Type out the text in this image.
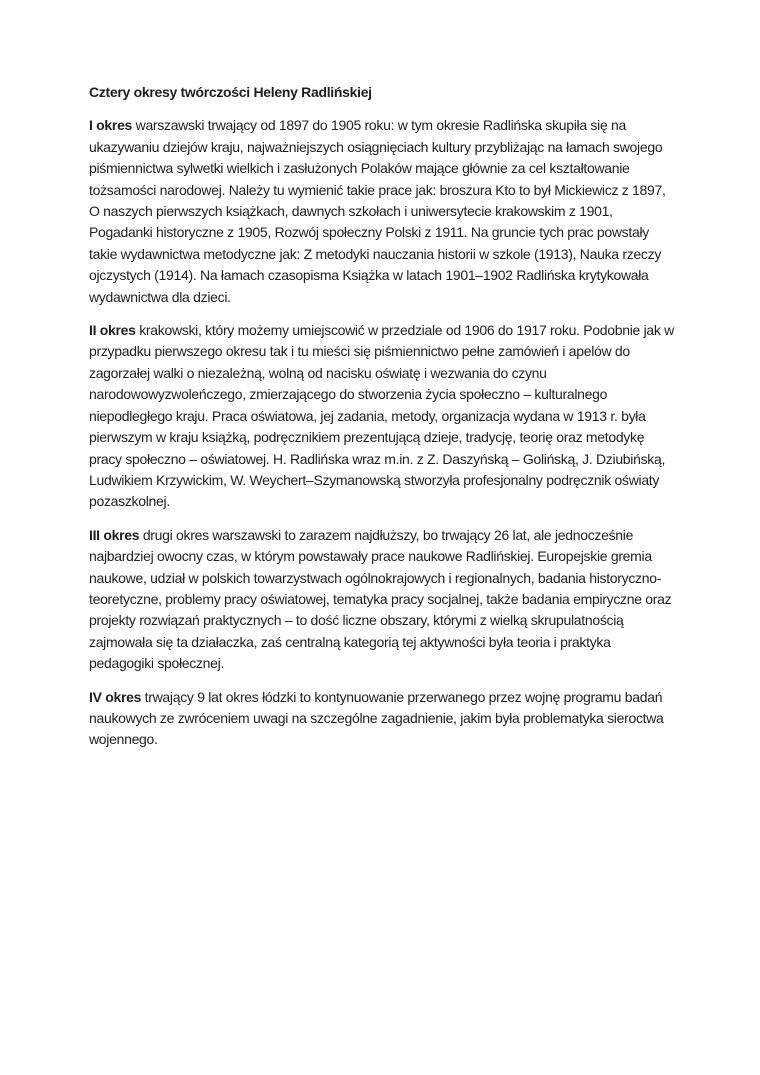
Cztery okresy twórczości Heleny Radlińskiej

I okres warszawski trwający od 1897 do 1905 roku: w tym okresie Radlińska skupiła się na ukazywaniu dziejów kraju, najważniejszych osiągnięciach kultury przybliżając na łamach swojego piśmiennictwa sylwetki wielkich i zasłużonych Polaków mające głównie za cel kształtowanie tożsamości narodowej. Należy tu wymienić takie prace jak: broszura Kto to był Mickiewicz z 1897, O naszych pierwszych książkach, dawnych szkołach i uniwersytecie krakowskim z 1901, Pogadanki historyczne z 1905, Rozwój społeczny Polski z 1911. Na gruncie tych prac powstały takie wydawnictwa metodyczne jak: Z metodyki nauczania historii w szkole (1913), Nauka rzeczy ojczystych (1914). Na łamach czasopisma Książka w latach 1901–1902 Radlińska krytykowała wydawnictwa dla dzieci.

II okres krakowski, który możemy umiejscowić w przedziale od 1906 do 1917 roku. Podobnie jak w przypadku pierwszego okresu tak i tu mieści się piśmiennictwo pełne zamówień i apelów do zagorzałej walki o niezależną, wolną od nacisku oświatę i wezwania do czynu narodowowyzwoleńczego, zmierzającego do stworzenia życia społeczno – kulturalnego niepodległego kraju. Praca oświatowa, jej zadania, metody, organizacja wydana w 1913 r. była pierwszym w kraju książką, podręcznikiem prezentującą dzieje, tradycję, teorię oraz metodykę pracy społeczno – oświatowej. H. Radlińska wraz m.in. z Z. Daszyńską – Golińską, J. Dziubińską, Ludwikiem Krzywickim, W. Weychert–Szymanowską stworzyła profesjonalny podręcznik oświaty pozaszkolnej.

III okres drugi okres warszawski to zarazem najdłuższy, bo trwający 26 lat, ale jednocześnie najbardziej owocny czas, w którym powstawały prace naukowe Radlińskiej. Europejskie gremia naukowe, udział w polskich towarzystwach ogólnokrajowych i regionalnych, badania historyczno-teoretyczne, problemy pracy oświatowej, tematyka pracy socjalnej, także badania empiryczne oraz projekty rozwiązań praktycznych – to dość liczne obszary, którymi z wielką skrupulatnością zajmowała się ta działaczka, zaś centralną kategorią tej aktywności była teoria i praktyka pedagogiki społecznej.

IV okres trwający 9 lat okres łódzki to kontynuowanie przerwanego przez wojnę programu badań naukowych ze zwróceniem uwagi na szczególne zagadnienie, jakim była problematyka sieroctwa wojennego.
